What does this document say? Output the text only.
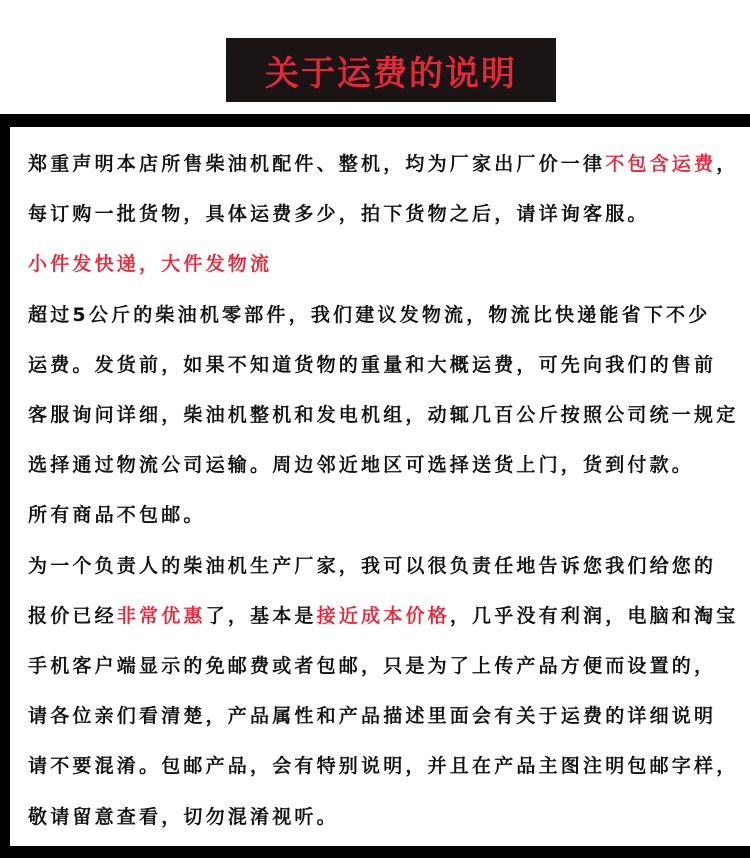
关于运费的说明
郑重声明本店所售柴油机配件、整机，均为厂家出厂价一律不包含运费，
每订购一批货物，具体运费多少，拍下货物之后，请详询客服。
小件发快递，大件发物流
超过5公斤的柴油机零部件，我们建议发物流，物流比快递能省下不少
运费。发货前，如果不知道货物的重量和大概运费，可先向我们的售前
客服询问详细，柴油机整机和发电机组，动辄几百公斤按照公司统一规定
选择通过物流公司运输。周边邻近地区可选择送货上门，货到付款。
所有商品不包邮。
为一个负责人的柴油机生产厂家，我可以很负责任地告诉您我们给您的
报价已经非常优惠了，基本是接近成本价格，几乎没有利润，电脑和淘宝
手机客户端显示的免邮费或者包邮，只是为了上传产品方便而设置的，
请各位亲们看清楚，产品属性和产品描述里面会有关于运费的详细说明
请不要混淆。包邮产品，会有特别说明，并且在产品主图注明包邮字样，
敬请留意查看，切勿混淆视听。
